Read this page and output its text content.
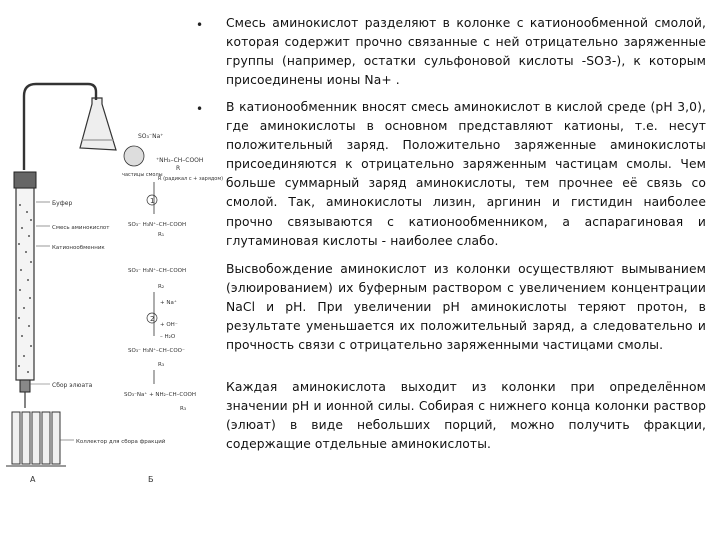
Буфер
Смесь аминокислот
Катионообменник
Сбор элюата
Коллектор для сбора фракций
А	Б
частицы смолы
SO₃⁻Na⁺
⁺NH₃–CH–COOH
R (радикал с + зарядом)
R
1
SO₃⁻ H₃N⁺–CH–COOH
R₁
SO₃⁻ H₃N⁺–CH–COOH
R₂
+ Na⁺
2
+ OH⁻
– H₂O
SO₃⁻ H₃N⁺–CH–COO⁻
R₃
SO₃⁻Na⁺ + NH₂–CH–COOH
R₃
•
•

Смесь аминокислот разделяют в колонке с катионообменной смолой, которая содержит прочно связанные с ней отрицательно заряженные группы (например, остатки сульфоновой кислоты -SO3-), к которым присоединены ионы Na+ .

В катионообменник вносят смесь аминокислот в кислой среде (pH 3,0), где аминокислоты в основном представляют катионы, т.е. несут положительный заряд. Положительно заряженные аминокислоты присоединяются к отрицательно заряженным частицам смолы. Чем больше суммарный заряд аминокислоты, тем прочнее её связь со смолой. Так, аминокислоты лизин, аргинин и гистидин наиболее прочно связываются с катионообменником, а аспарагиновая и глутаминовая кислоты - наиболее слабо.

Высвобождение аминокислот из колонки осуществляют вымыванием (элюированием) их буферным раствором с увеличением концентрации NaCl и pH. При увеличении pH аминокислоты теряют протон, в результате уменьшается их положительный заряд, а следовательно и прочность связи с отрицательно заряженными частицами смолы.

Каждая аминокислота выходит из колонки при определённом значении pH и ионной силы. Собирая с нижнего конца колонки раствор (элюат) в виде небольших порций, можно получить фракции, содержащие отдельные аминокислоты.
